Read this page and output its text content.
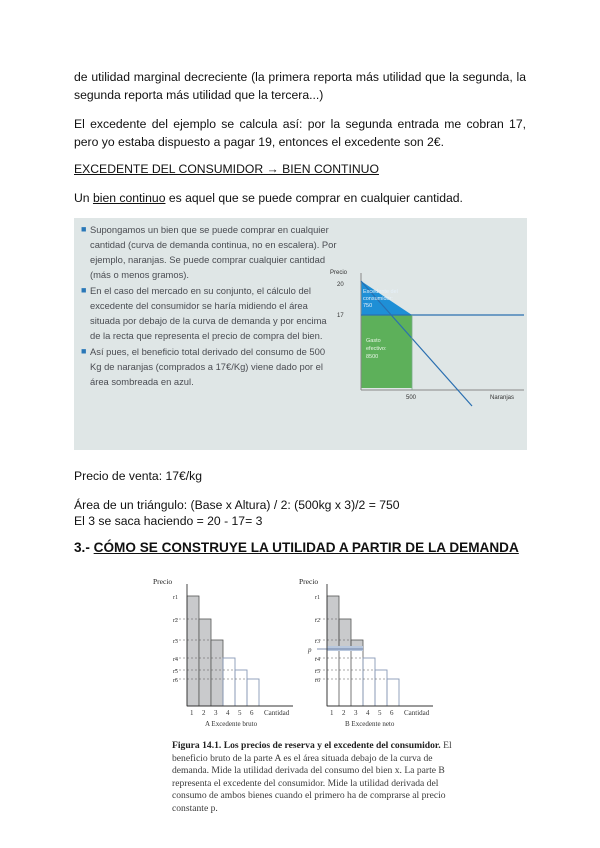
de utilidad marginal decreciente (la primera reporta más utilidad que la segunda, la segunda reporta más utilidad que la tercera...)

El excedente del ejemplo se calcula así: por la segunda entrada me cobran 17, pero yo estaba dispuesto a pagar 19, entonces el excedente son 2€.

EXCEDENTE DEL CONSUMIDOR → BIEN CONTINUO

Un bien continuo es aquel que se puede comprar en cualquier cantidad.

■ Supongamos un bien que se puede comprar en cualquier cantidad (curva de demanda continua, no en escalera). Por ejemplo, naranjas. Se puede comprar cualquier cantidad (más o menos gramos).

■ En el caso del mercado en su conjunto, el cálculo del excedente del consumidor se haría midiendo el área situada por debajo de la curva de demanda y por encima de la recta que representa el precio de compra del bien.

■ Así pues, el beneficio total derivado del consumo de 500 Kg de naranjas (comprados a 17€/Kg) viene dado por el área sombreada en azul.

Precio
20
17
500	Naranjas
Excedente del
consumidor:
750
Gasto
efectivo:
8500

Precio de venta: 17€/kg

Área de un triángulo: (Base x Altura) / 2: (500kg x 3)/2 = 750

El 3 se saca haciendo = 20 - 17= 3

3.- CÓMO SE CONSTRUYE LA UTILIDAD A PARTIR DE LA DEMANDA

Precio
r1
r2
r3
r4
r5
r6
1 2 3 4 5 6 Cantidad
A Excedente bruto
Precio
r1
r2
r3
p
r4
r5
r6
1 2 3 4 5 6 Cantidad
B Excedente neto

Figura 14.1. Los precios de reserva y el excedente del consumidor. El beneficio bruto de la parte A es el área situada debajo de la curva de demanda. Mide la utilidad derivada del consumo del bien x. La parte B representa el excedente del consumidor. Mide la utilidad derivada del consumo de ambos bienes cuando el primero ha de comprarse al precio constante p.
